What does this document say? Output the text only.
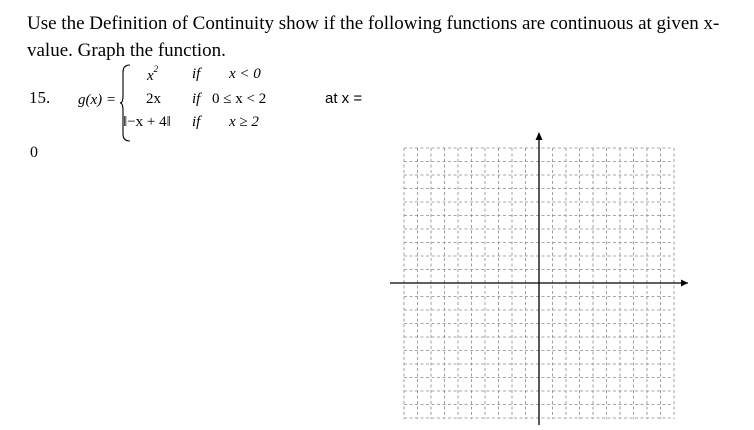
Use the Definition of Continuity show if the following functions are continuous at given x-value. Graph the function.
15. g(x) =
$x^2$ if x < 0
2x if 0 ≤ x < 2
‖−x + 4‖ if x ≥ 2
at x =
0
